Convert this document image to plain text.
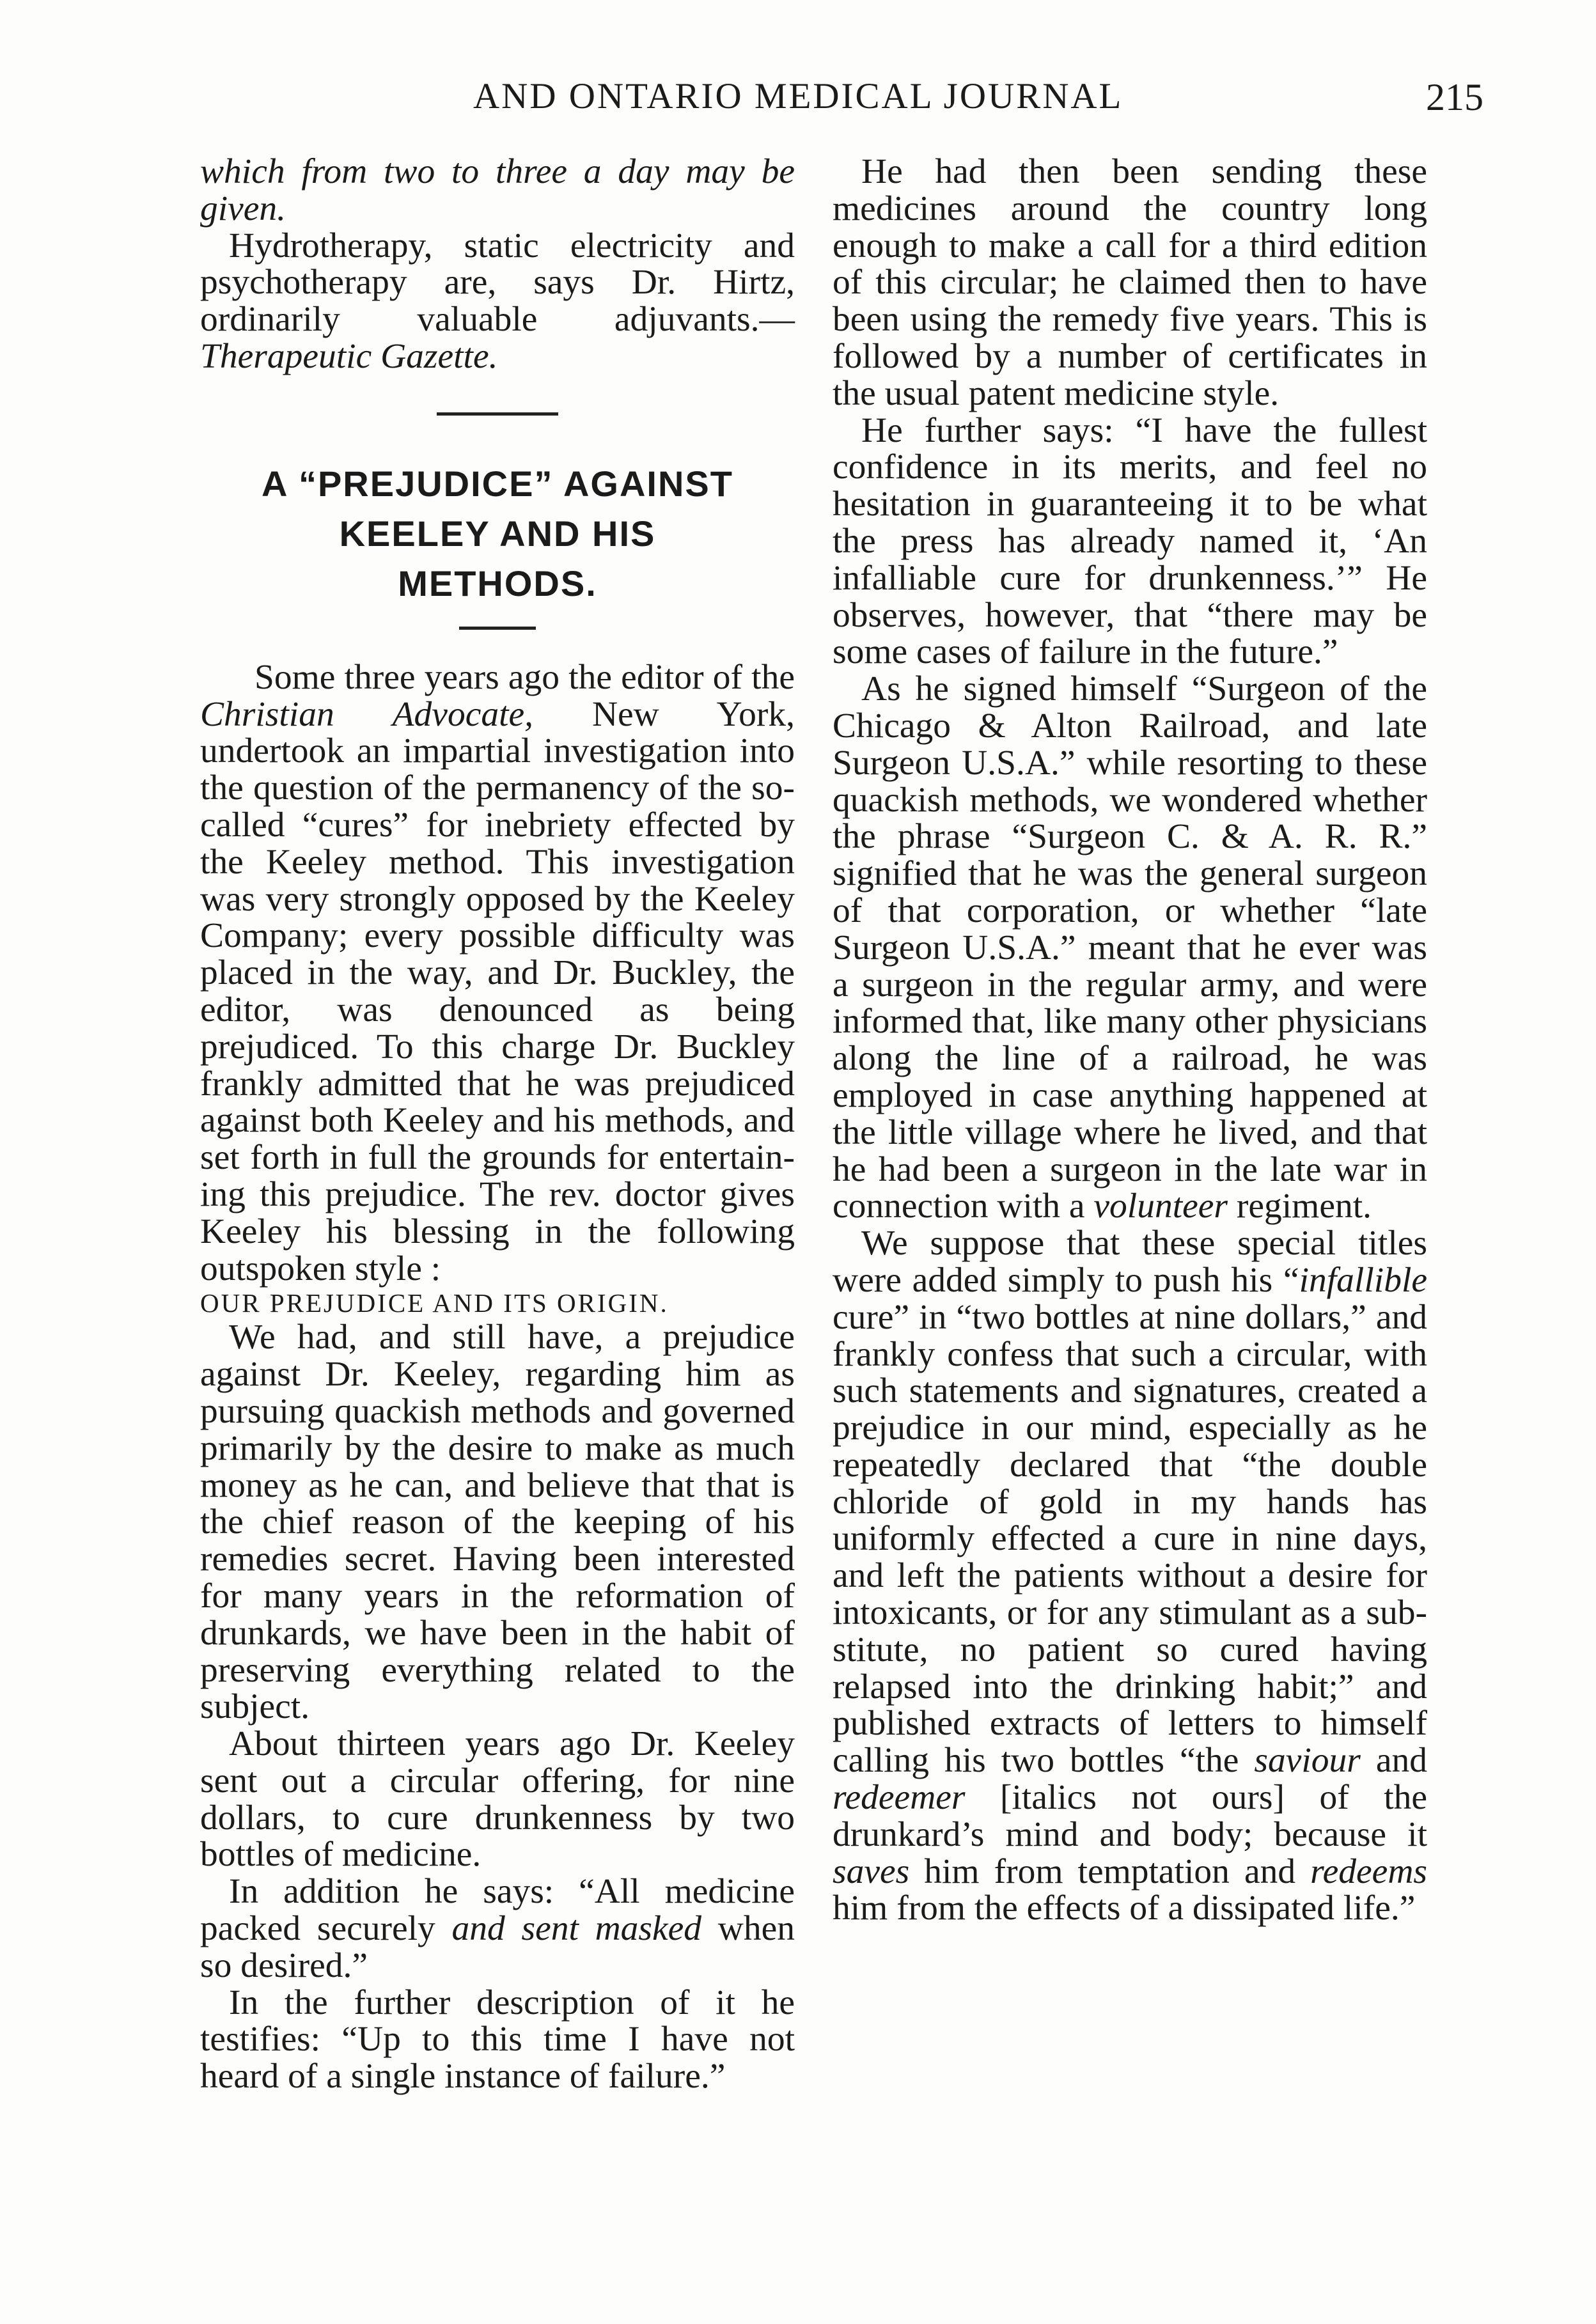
AND ONTARIO MEDICAL JOURNAL	215

which from two to three a day may be given.

Hydrotherapy, static electricity and psychotherapy are, says Dr. Hirtz, ordinarily valuable adjuvants.—Therapeutic Gazette.

A “PREJUDICE” AGAINST
KEELEY AND HIS
METHODS.

Some three years ago the editor of the Christian Advocate, New York, undertook an impartial investigation into the question of the permanency of the so-called “cures” for inebriety effected by the Keeley method. This investigation was very strongly opposed by the Keeley Company; every possible difficulty was placed in the way, and Dr. Buckley, the editor, was denounced as being prejudiced. To this charge Dr. Buckley frankly admitted that he was prejudiced against both Keeley and his methods, and set forth in full the grounds for entertaining this prejudice. The rev. doctor gives Keeley his blessing in the following outspoken style :

OUR PREJUDICE AND ITS ORIGIN.

We had, and still have, a prejudice against Dr. Keeley, regarding him as pursuing quackish methods and governed primarily by the desire to make as much money as he can, and believe that that is the chief reason of the keeping of his remedies secret. Having been interested for many years in the reformation of drunkards, we have been in the habit of preserving everything related to the subject.

About thirteen years ago Dr. Keeley sent out a circular offering, for nine dollars, to cure drunkenness by two bottles of medicine.

In addition he says: “All medicine packed securely and sent masked when so desired.”

In the further description of it he testifies: “Up to this time I have not heard of a single instance of failure.”

He had then been sending these medicines around the country long enough to make a call for a third edition of this circular; he claimed then to have been using the remedy five years. This is followed by a number of certificates in the usual patent medicine style.

He further says: “I have the fullest confidence in its merits, and feel no hesitation in guaranteeing it to be what the press has already named it, ‘An infalliable cure for drunkenness.’” He observes, however, that “there may be some cases of failure in the future.”

As he signed himself “Surgeon of the Chicago & Alton Railroad, and late Surgeon U.S.A.” while resorting to these quackish methods, we wondered whether the phrase “Surgeon C. & A. R. R.” signified that he was the general surgeon of that corporation, or whether “late Surgeon U.S.A.” meant that he ever was a surgeon in the regular army, and were informed that, like many other physicians along the line of a railroad, he was employed in case anything happened at the little village where he lived, and that he had been a surgeon in the late war in connection with a volunteer regiment.

We suppose that these special titles were added simply to push his “infallible cure” in “two bottles at nine dollars,” and frankly confess that such a circular, with such statements and signatures, created a prejudice in our mind, especially as he repeatedly declared that “the double chloride of gold in my hands has uniformly effected a cure in nine days, and left the patients without a desire for intoxicants, or for any stimulant as a substitute, no patient so cured having relapsed into the drinking habit;” and published extracts of letters to himself calling his two bottles “the saviour and redeemer [italics not ours] of the drunkard’s mind and body; because it saves him from temptation and redeems him from the effects of a dissipated life.”
